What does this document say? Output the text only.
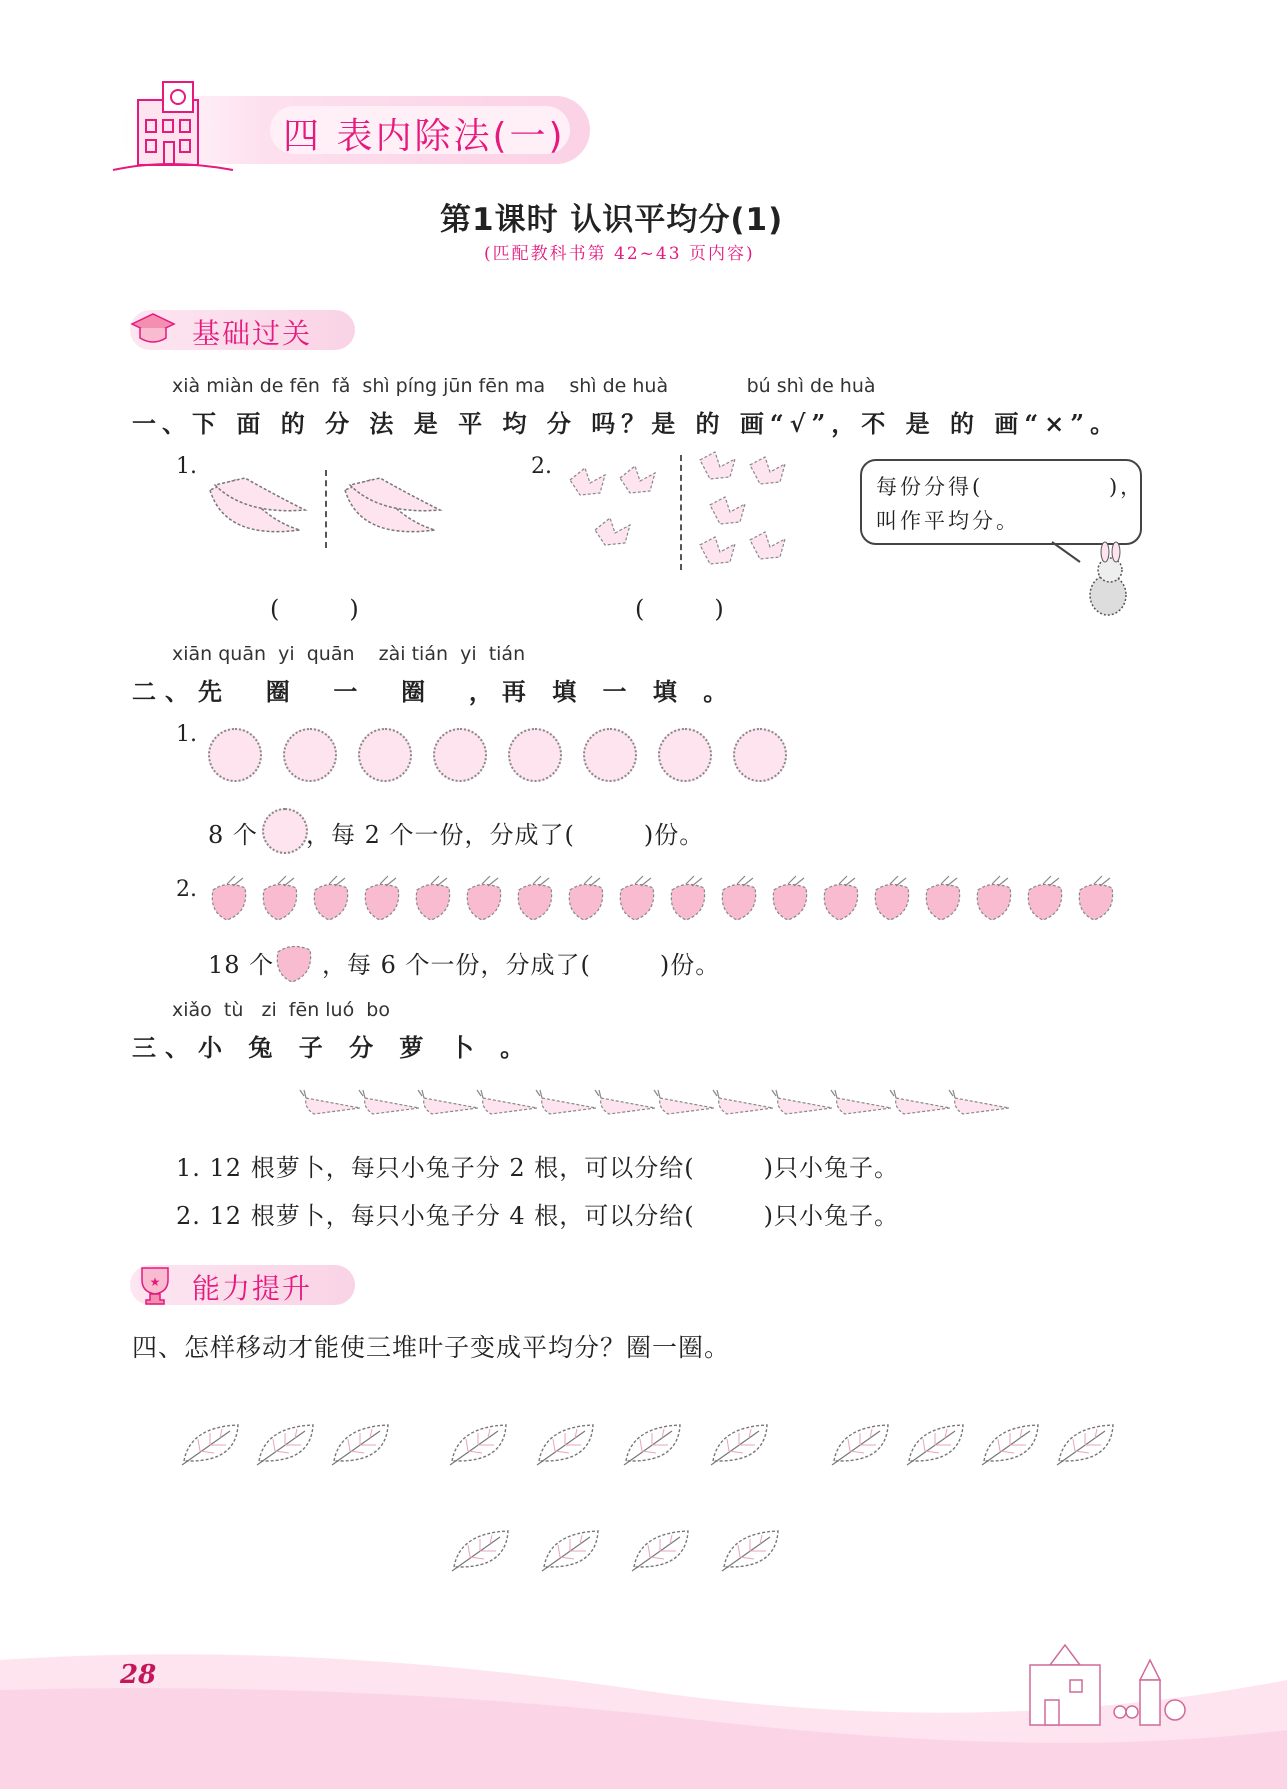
四 表内除法(一)
第1课时 认识平均分(1)
(匹配教科书第 42~43 页内容)
基础过关
xià miàn de fēn  fǎ  shì píng jūn fēn ma    shì de huà             bú shì de huà
一、下 面 的 分 法 是 平 均 分 吗？是 的 画“√”，不 是 的 画“×”。
1.
(        )
2.
(        )
每份分得(             )，
叫作平均分。
xiān quān  yi  quān    zài tián  yi  tián
二、先  圈  一  圈  ，再 填 一 填 。
1.
8 个 ，每 2 个一份，分成了(        )份。
2.
18 个 ，每 6 个一份，分成了(        )份。
xiǎo  tù   zi  fēn luó  bo
三、小 兔 子 分 萝 卜 。
1. 12 根萝卜，每只小兔子分 2 根，可以分给(        )只小兔子。
2. 12 根萝卜，每只小兔子分 4 根，可以分给(        )只小兔子。
★ 能力提升
四、怎样移动才能使三堆叶子变成平均分？圈一圈。
28
